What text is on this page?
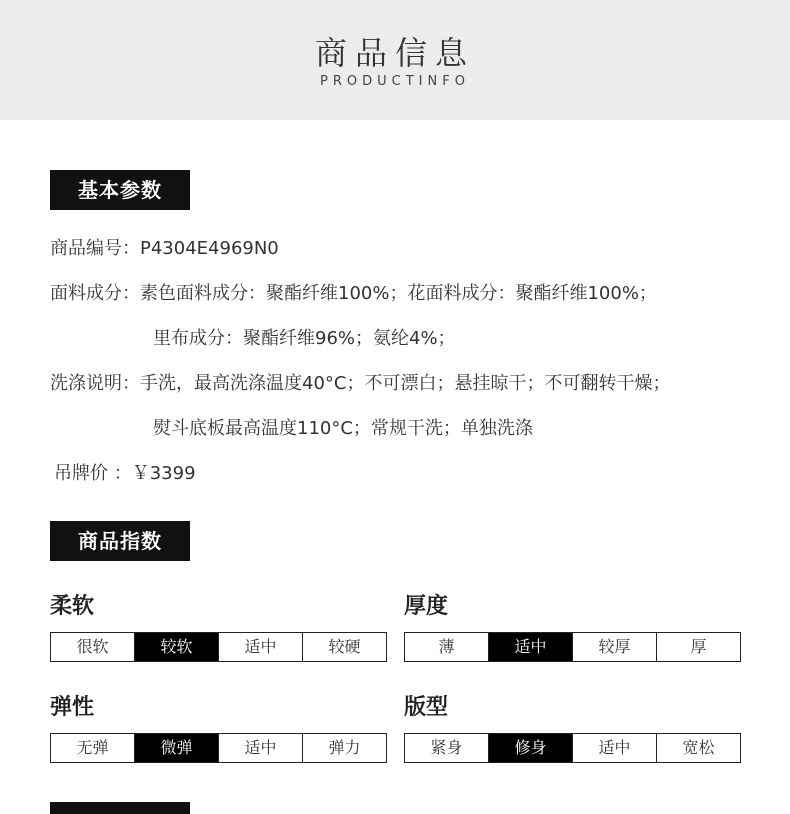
商品信息
PRODUCTINFO
基本参数
商品编号：P4304E4969N0
面料成分：素色面料成分：聚酯纤维100%；花面料成分：聚酯纤维100%；
里布成分：聚酯纤维96%；氨纶4%；
洗涤说明：手洗，最高洗涤温度40°C；不可漂白；悬挂晾干；不可翻转干燥；
熨斗底板最高温度110°C；常规干洗；单独洗涤
吊牌价 ：￥3399
商品指数
柔软
很软	较软	适中	较硬
厚度
薄	适中	较厚	厚
弹性
无弹	微弹	适中	弹力
版型
紧身	修身	适中	宽松
